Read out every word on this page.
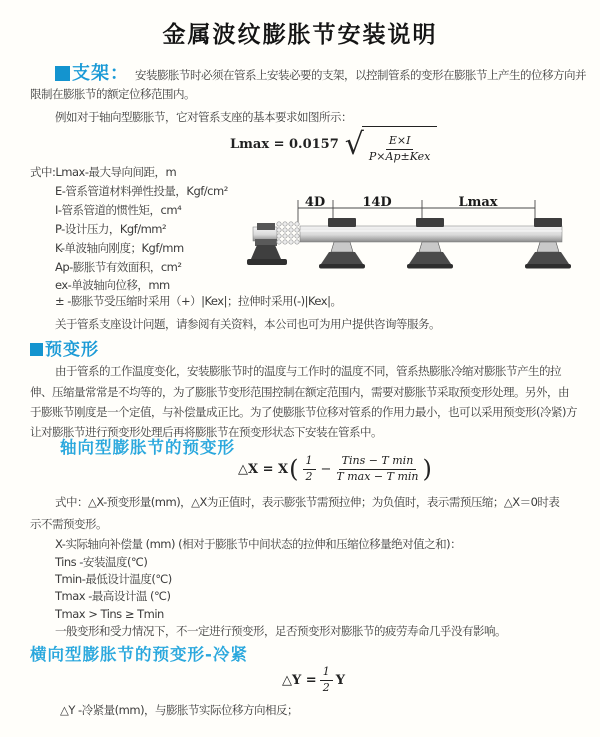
金属波纹膨胀节安装说明
支架： 安装膨胀节时必须在管系上安装必要的支架，以控制管系的变形在膨胀节上产生的位移方向并
限制在膨胀节的额定位移范围内。
例如对于轴向型膨胀节，它对管系支座的基本要求如图所示：
Lmax = 0.0157 √ $\frac{E\times I}{\text{P×Ap±Kex}}$
式中:Lmax-最大导向间距，m
E-管系管道材料弹性投量，Kgf/cm²
I-管系管道的惯性矩，cm⁴
P-设计压力，Kgf/mm²
K-单波轴向刚度；Kgf/mm
Ap-膨胀节有效面积，cm²
ex-单波轴向位移，mm
4D	14D	Lmax
± -膨胀节受压缩时采用（+）|Kex|；拉伸时采用(-)|Kex|。
关于管系支座设计问题，请参阅有关资料，本公司也可为用户提供咨询等服务。
预变形
由于管系的工作温度变化，安装膨胀节时的温度与工作时的温度不同，管系热膨胀冷缩对膨胀节产生的拉
伸、压缩量常常是不均等的，为了膨胀节变形范围控制在额定范围内，需要对膨胀节采取预变形处理。另外，由
于膨账节刚度是一个定值，与补偿量成正比。为了使膨胀节位移对管系的作用力最小，也可以采用预变形(冷紧)方
让对膨胀节进行预变形处理后再将膨胀节在预变形状态下安装在管系中。
轴向型膨胀节的预变形
△X = X ( $\frac{1}{2} - \frac{\text{Tins − T min}}{\text{T max − T min}}$ )
式中：△X-预变形量(mm)，△X为正值时，表示膨张节需预拉伸；为负值时，表示需预压缩；△X＝0时表
示不需预变形。
X-实际轴向补偿量 (mm) (相对于膨胀节中间状态的拉伸和压缩位移量绝对值之和)：
Tins -安装温度(℃)
Tmin-最低设计温度(℃)
Tmax -最高设计温 (℃)
Tmax > Tins ≥ Tmin
一般变形和受力情况下，不一定进行预变形，足否预变形对膨胀节的疲劳寿命几乎没有影响。
横向型膨胀节的预变形-冷紧
△Y = $\frac{1}{2}$ Y
△Y -冷紧量(mm)，与膨胀节实际位移方向相反；
